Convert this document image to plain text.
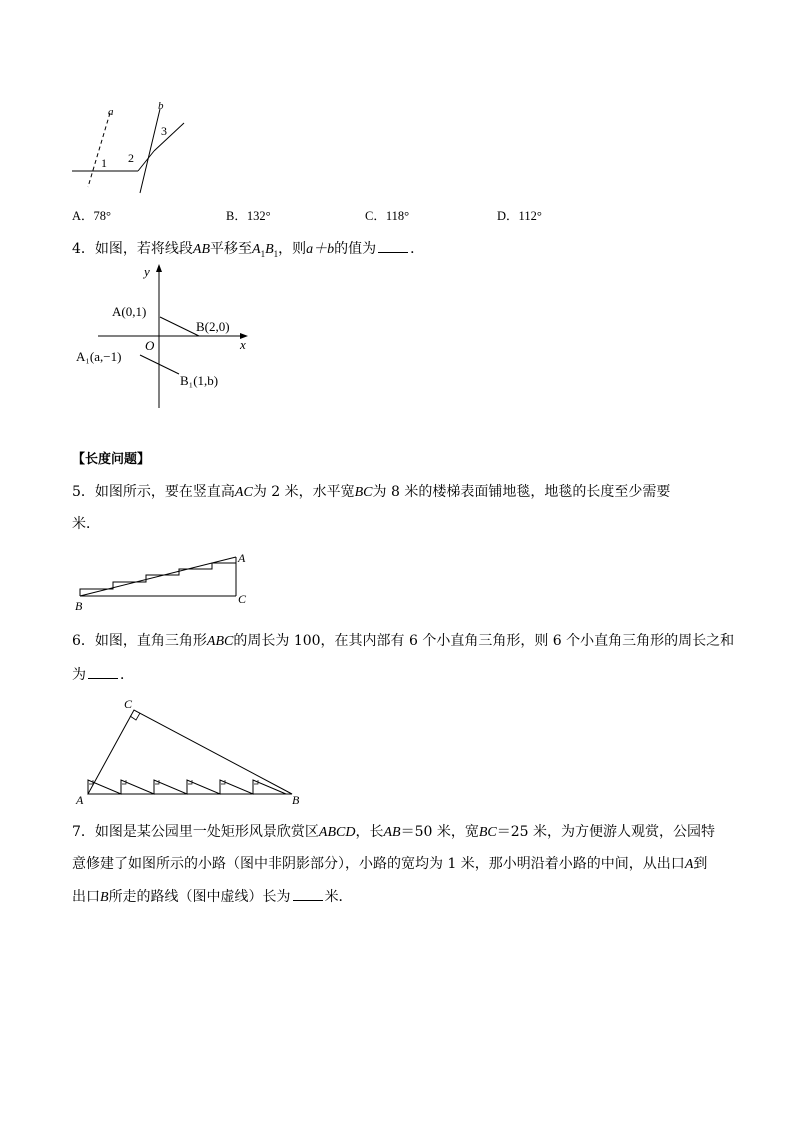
a	b
1 2
3
A．78°	B．132°	C．118°	D．112°
4．如图，若将线段AB平移至$A_1B_1$，则a＋b的值为 ．
y
x
O
A(0,1)
B(2,0)
A₁(a,−1)
B₁(1,b)
【长度问题】
5．如图所示，要在竖直高AC为 2 米，水平宽BC为 8 米的楼梯表面铺地毯，地毯的长度至少需要
米．
A
B	C
6．如图，直角三角形ABC的周长为 100，在其内部有 6 个小直角三角形，则 6 个小直角三角形的周长之和
为 ．
A	B
C
7．如图是某公园里一处矩形风景欣赏区ABCD，长AB＝50 米，宽BC＝25 米，为方便游人观赏，公园特
意修建了如图所示的小路（图中非阴影部分），小路的宽均为 1 米，那小明沿着小路的中间，从出口A到
出口B所走的路线（图中虚线）长为 米．
